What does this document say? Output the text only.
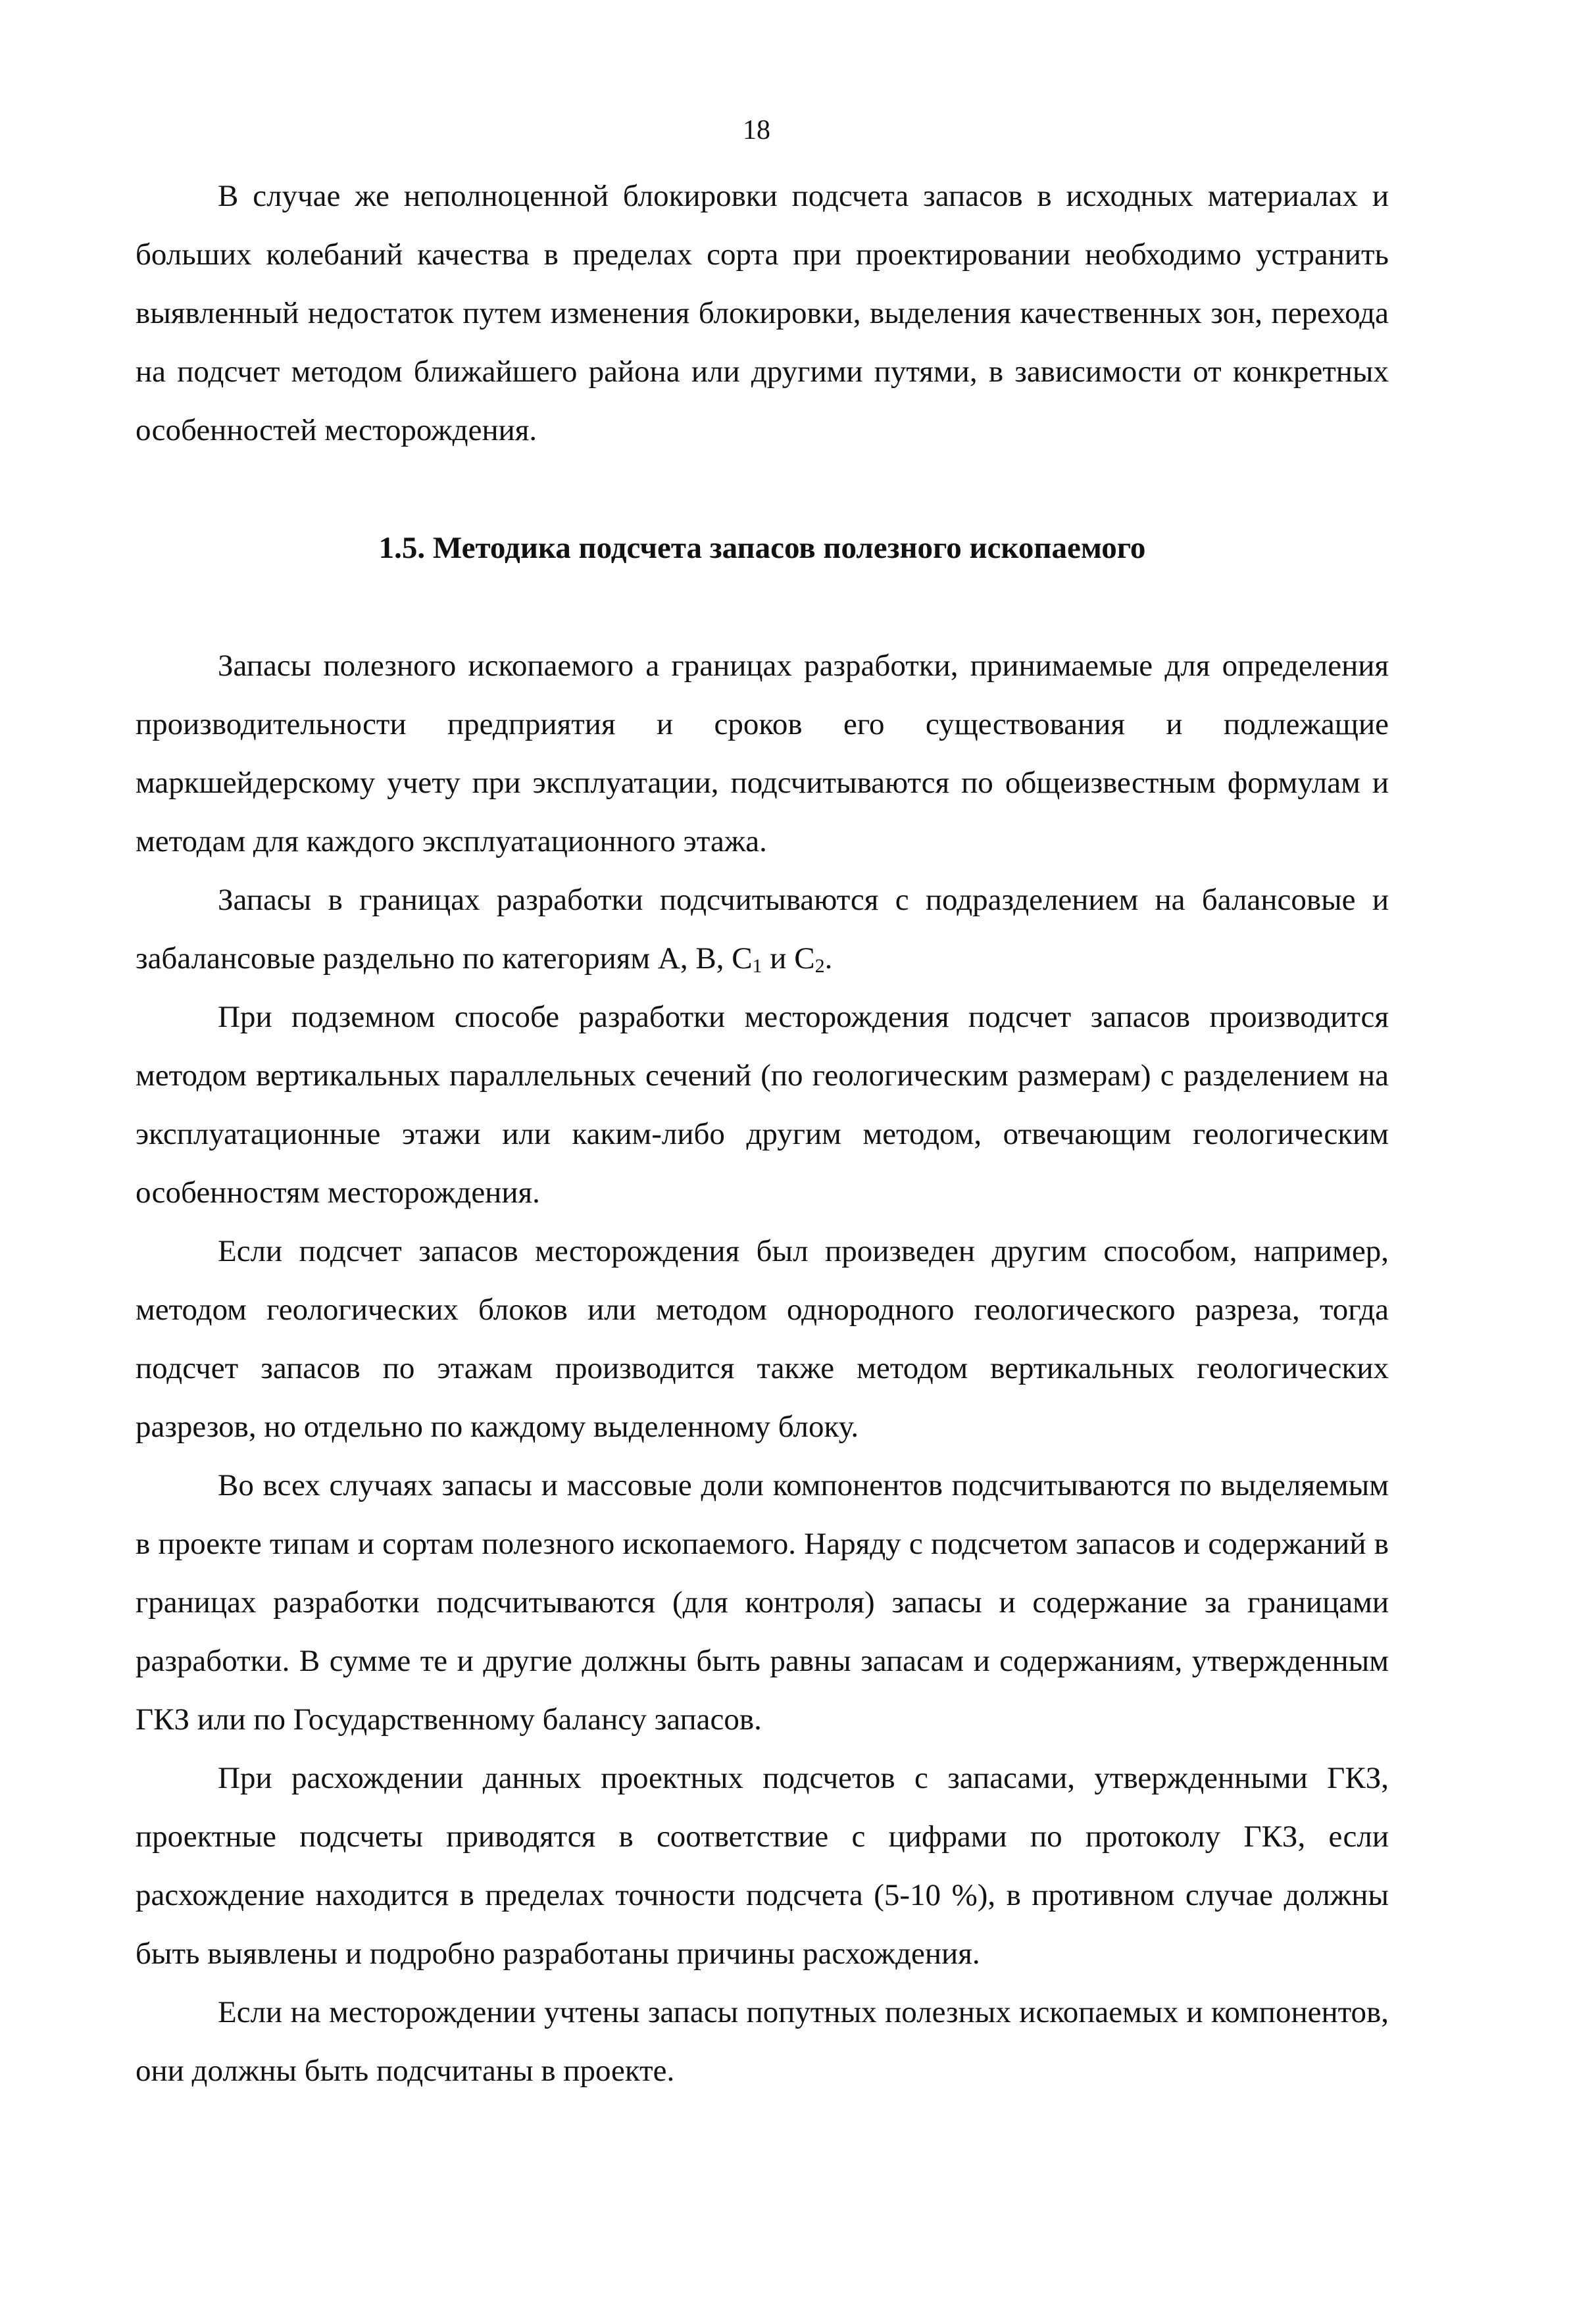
18

В случае же неполноценной блокировки подсчета запасов в исходных материалах и больших колебаний качества в пределах сорта при проектировании необходимо устранить выявленный недостаток путем изменения блокировки, выделения качественных зон, перехода на подсчет методом ближайшего района или другими путями, в зависимости от конкретных особенностей месторождения.

1.5. Методика подсчета запасов полезного ископаемого

Запасы полезного ископаемого а границах разработки, принимаемые для определения производительности предприятия и сроков его существования и подлежащие маркшейдерскому учету при эксплуатации, подсчитываются по общеизвестным формулам и методам для каждого эксплуатационного этажа.

Запасы в границах разработки подсчитываются с подразделением на балансовые и забалансовые раздельно по категориям А, В, $С_1$ и $С_2$.

При подземном способе разработки месторождения подсчет запасов производится методом вертикальных параллельных сечений (по геологическим размерам) с разделением на эксплуатационные этажи или каким-либо другим методом, отвечающим геологическим особенностям месторождения.

Если подсчет запасов месторождения был произведен другим способом, например, методом геологических блоков или методом однородного геологического разреза, тогда подсчет запасов по этажам производится также методом вертикальных геологических разрезов, но отдельно по каждому выделенному блоку.

Во всех случаях запасы и массовые доли компонентов подсчитываются по выделяемым в проекте типам и сортам полезного ископаемого. Наряду с подсчетом запасов и содержаний в границах разработки подсчитываются (для контроля) запасы и содержание за границами разработки. В сумме те и другие должны быть равны запасам и содержаниям, утвержденным ГКЗ или по Государственному балансу запасов.

При расхождении данных проектных подсчетов с запасами, утвержденными ГКЗ, проектные подсчеты приводятся в соответствие с цифрами по протоколу ГКЗ, если расхождение находится в пределах точности подсчета (5-10 %), в противном случае должны быть выявлены и подробно разработаны причины расхождения.

Если на месторождении учтены запасы попутных полезных ископаемых и компонентов, они должны быть подсчитаны в проекте.
